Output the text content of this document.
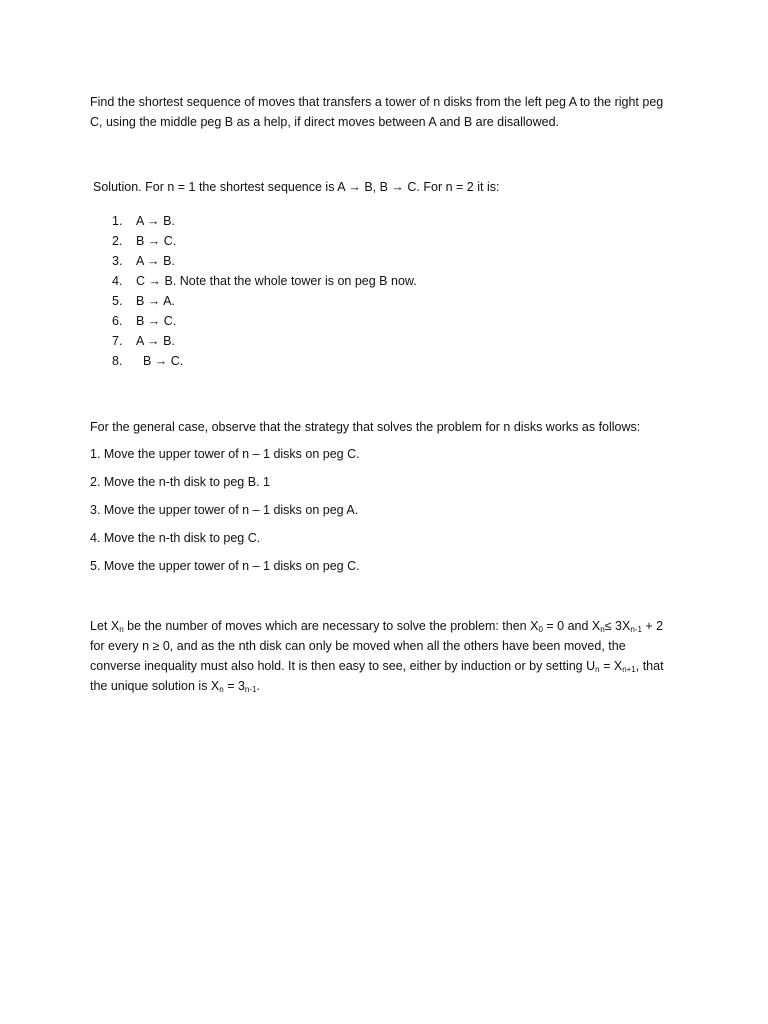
Find the shortest sequence of moves that transfers a tower of n disks from the left peg A to the right peg
C, using the middle peg B as a help, if direct moves between A and B are disallowed.
Solution. For n = 1 the shortest sequence is A → B, B → C. For n = 2 it is:
1. A → B.
2. B → C.
3. A → B.
4. C → B. Note that the whole tower is on peg B now.
5. B → A.
6. B → C.
7. A → B.
8.  B → C.
For the general case, observe that the strategy that solves the problem for n disks works as follows:
1. Move the upper tower of n – 1 disks on peg C.
2. Move the n-th disk to peg B. 1
3. Move the upper tower of n – 1 disks on peg A.
4. Move the n-th disk to peg C.
5. Move the upper tower of n – 1 disks on peg C.
Let $X_n$ be the number of moves which are necessary to solve the problem: then $X_0 = 0$ and $X_n\le 3X_{n-1} + 2$
for every n ≥ 0, and as the nth disk can only be moved when all the others have been moved, the
converse inequality must also hold. It is then easy to see, either by induction or by setting $U_n = X_{n+1}$, that
the unique solution is $X_n = 3_{n-1}$.
